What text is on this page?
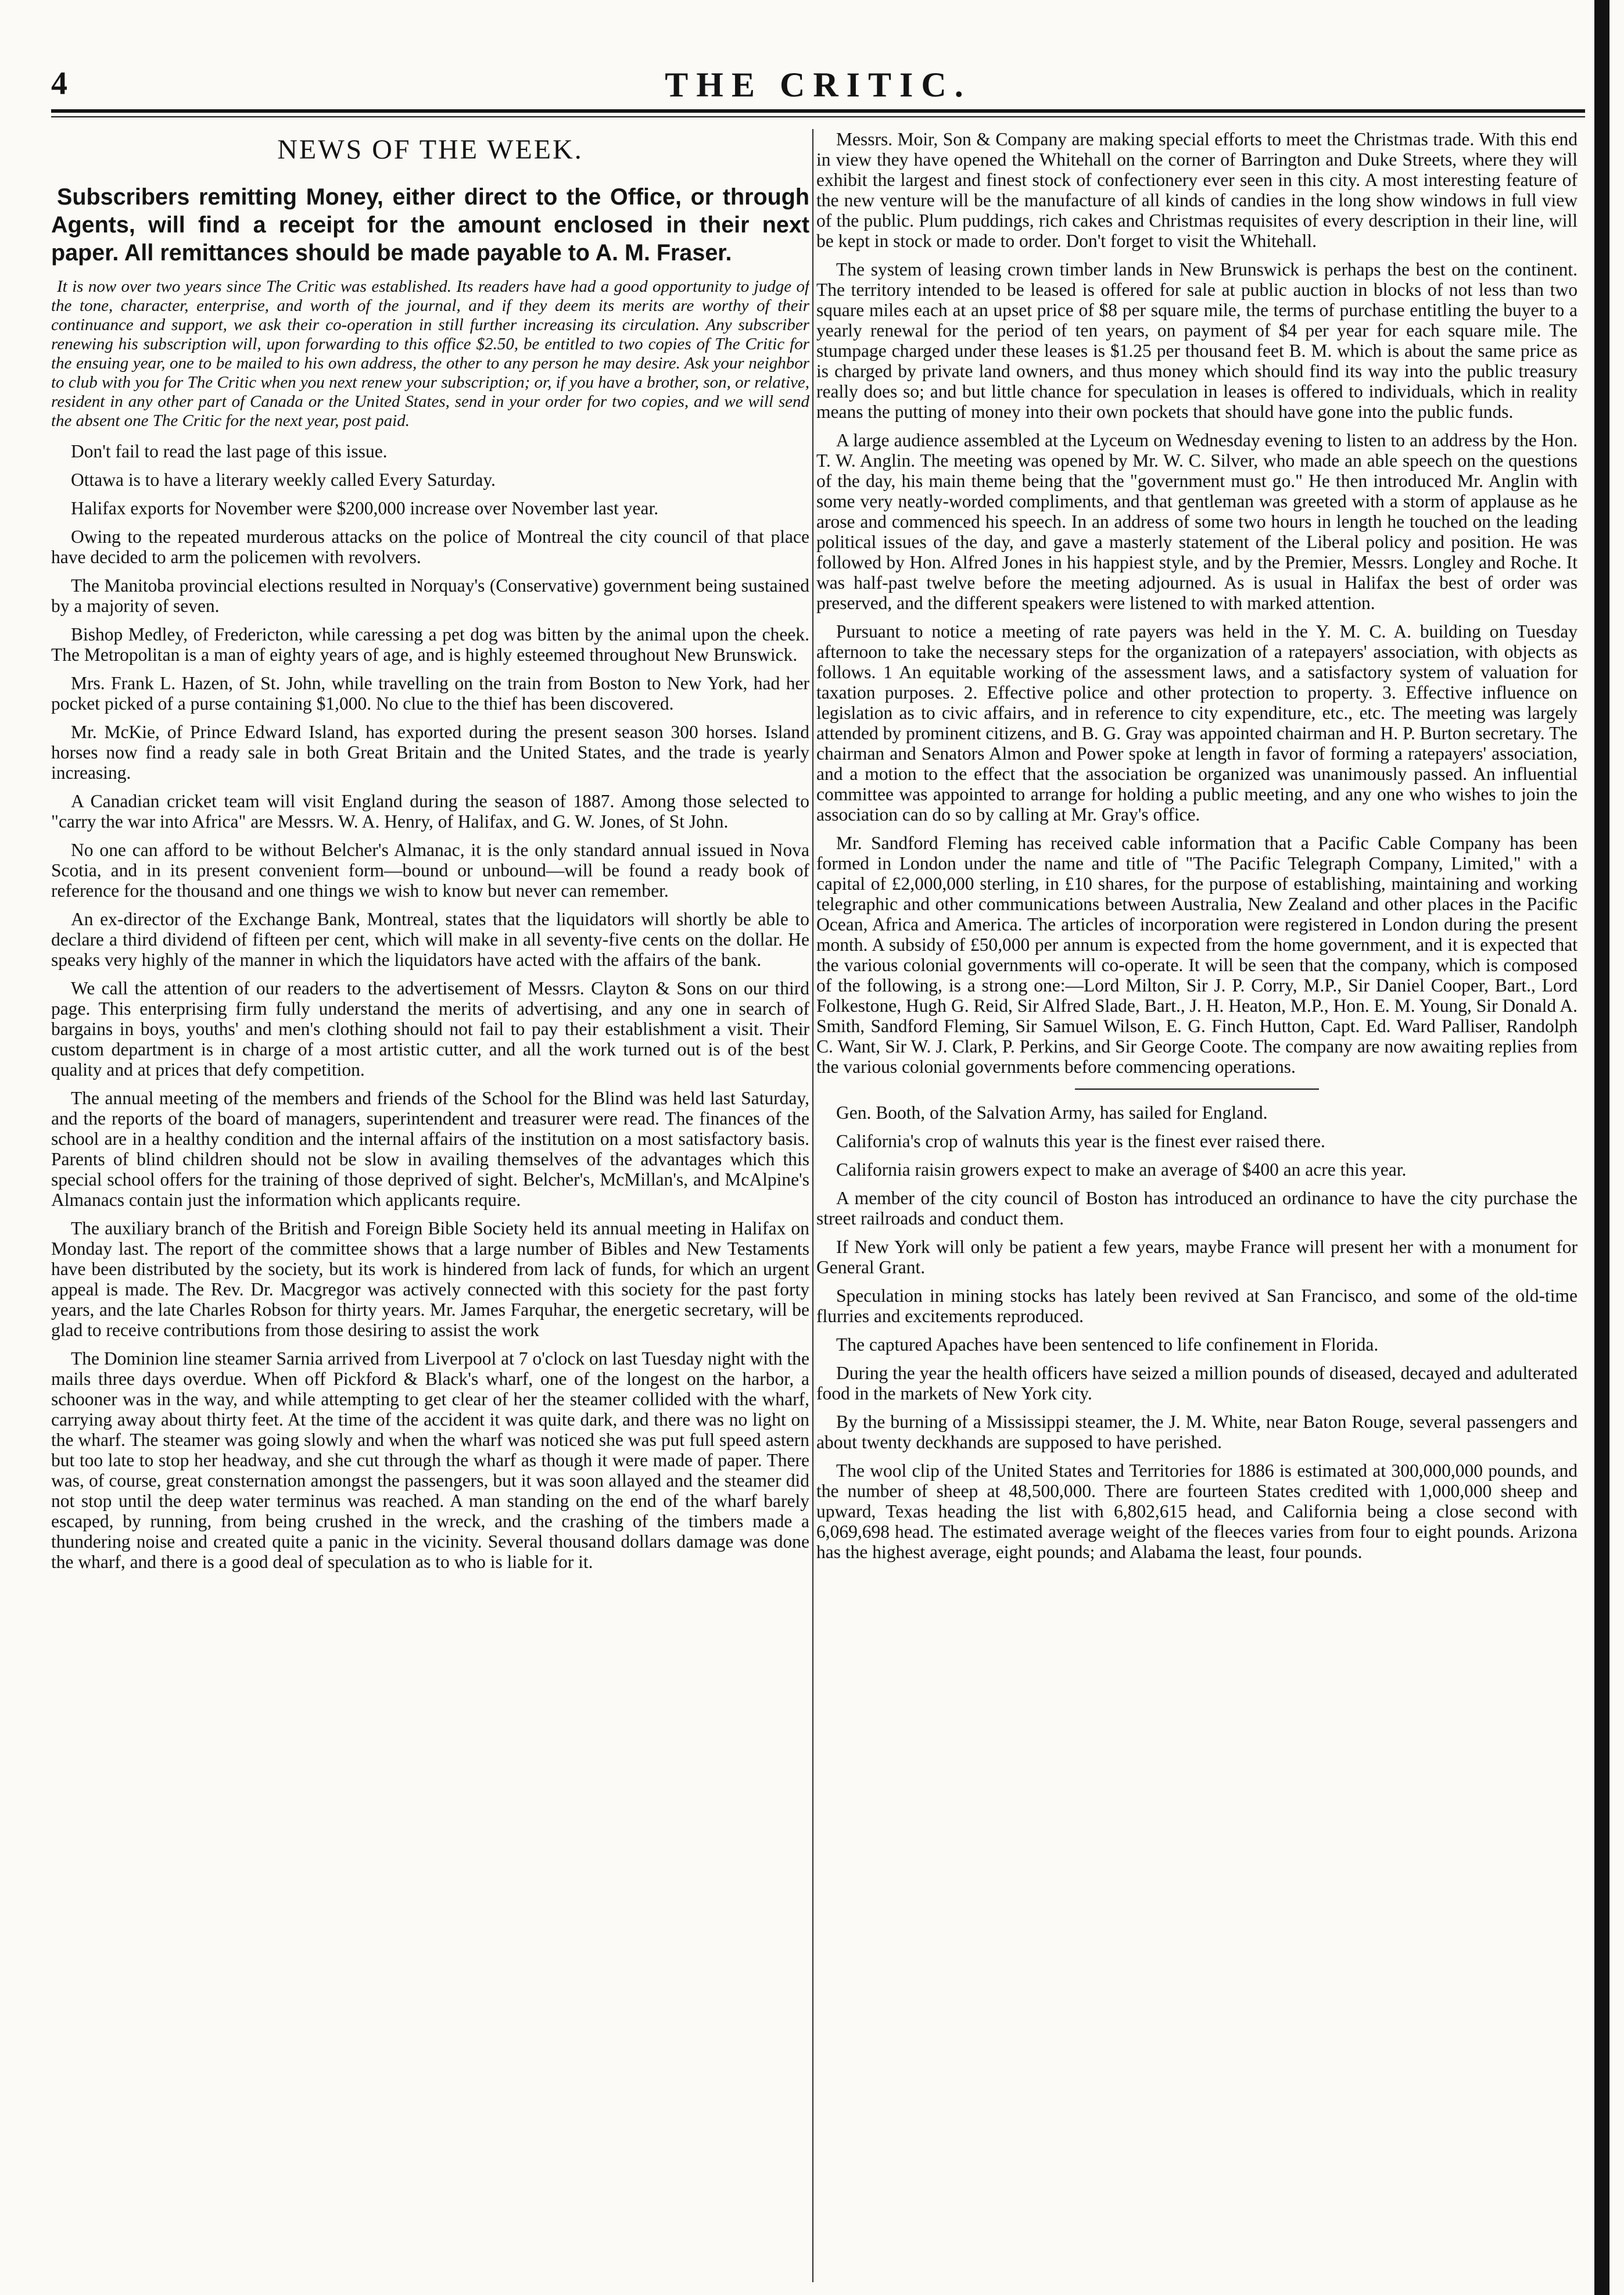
4	THE CRITIC.
NEWS OF THE WEEK.
Subscribers remitting Money, either direct to the Office, or through Agents, will find a receipt for the amount enclosed in their next paper. All remittances should be made payable to A. M. Fraser.
It is now over two years since The Critic was established. Its readers have had a good opportunity to judge of the tone, character, enterprise, and worth of the journal, and if they deem its merits are worthy of their continuance and support, we ask their co-operation in still further increasing its circulation. Any subscriber renewing his subscription will, upon forwarding to this office $2.50, be entitled to two copies of The Critic for the ensuing year, one to be mailed to his own address, the other to any person he may desire. Ask your neighbor to club with you for The Critic when you next renew your subscription; or, if you have a brother, son, or relative, resident in any other part of Canada or the United States, send in your order for two copies, and we will send the absent one The Critic for the next year, post paid.

Don't fail to read the last page of this issue.

Ottawa is to have a literary weekly called Every Saturday.

Halifax exports for November were $200,000 increase over November last year.

Owing to the repeated murderous attacks on the police of Montreal the city council of that place have decided to arm the policemen with revolvers.

The Manitoba provincial elections resulted in Norquay's (Conservative) government being sustained by a majority of seven.

Bishop Medley, of Fredericton, while caressing a pet dog was bitten by the animal upon the cheek. The Metropolitan is a man of eighty years of age, and is highly esteemed throughout New Brunswick.

Mrs. Frank L. Hazen, of St. John, while travelling on the train from Boston to New York, had her pocket picked of a purse containing $1,000. No clue to the thief has been discovered.

Mr. McKie, of Prince Edward Island, has exported during the present season 300 horses. Island horses now find a ready sale in both Great Britain and the United States, and the trade is yearly increasing.

A Canadian cricket team will visit England during the season of 1887. Among those selected to "carry the war into Africa" are Messrs. W. A. Henry, of Halifax, and G. W. Jones, of St John.

No one can afford to be without Belcher's Almanac, it is the only standard annual issued in Nova Scotia, and in its present convenient form—bound or unbound—will be found a ready book of reference for the thousand and one things we wish to know but never can remember.

An ex-director of the Exchange Bank, Montreal, states that the liquidators will shortly be able to declare a third dividend of fifteen per cent, which will make in all seventy-five cents on the dollar. He speaks very highly of the manner in which the liquidators have acted with the affairs of the bank.

We call the attention of our readers to the advertisement of Messrs. Clayton & Sons on our third page. This enterprising firm fully understand the merits of advertising, and any one in search of bargains in boys, youths' and men's clothing should not fail to pay their establishment a visit. Their custom department is in charge of a most artistic cutter, and all the work turned out is of the best quality and at prices that defy competition.

The annual meeting of the members and friends of the School for the Blind was held last Saturday, and the reports of the board of managers, superintendent and treasurer were read. The finances of the school are in a healthy condition and the internal affairs of the institution on a most satisfactory basis. Parents of blind children should not be slow in availing themselves of the advantages which this special school offers for the training of those deprived of sight. Belcher's, McMillan's, and McAlpine's Almanacs contain just the information which applicants require.

The auxiliary branch of the British and Foreign Bible Society held its annual meeting in Halifax on Monday last. The report of the committee shows that a large number of Bibles and New Testaments have been distributed by the society, but its work is hindered from lack of funds, for which an urgent appeal is made. The Rev. Dr. Macgregor was actively connected with this society for the past forty years, and the late Charles Robson for thirty years. Mr. James Farquhar, the energetic secretary, will be glad to receive contributions from those desiring to assist the work

The Dominion line steamer Sarnia arrived from Liverpool at 7 o'clock on last Tuesday night with the mails three days overdue. When off Pickford & Black's wharf, one of the longest on the harbor, a schooner was in the way, and while attempting to get clear of her the steamer collided with the wharf, carrying away about thirty feet. At the time of the accident it was quite dark, and there was no light on the wharf. The steamer was going slowly and when the wharf was noticed she was put full speed astern but too late to stop her headway, and she cut through the wharf as though it were made of paper. There was, of course, great consternation amongst the passengers, but it was soon allayed and the steamer did not stop until the deep water terminus was reached. A man standing on the end of the wharf barely escaped, by running, from being crushed in the wreck, and the crashing of the timbers made a thundering noise and created quite a panic in the vicinity. Several thousand dollars damage was done the wharf, and there is a good deal of speculation as to who is liable for it.

Messrs. Moir, Son & Company are making special efforts to meet the Christmas trade. With this end in view they have opened the Whitehall on the corner of Barrington and Duke Streets, where they will exhibit the largest and finest stock of confectionery ever seen in this city. A most interesting feature of the new venture will be the manufacture of all kinds of candies in the long show windows in full view of the public. Plum puddings, rich cakes and Christmas requisites of every description in their line, will be kept in stock or made to order. Don't forget to visit the Whitehall.

The system of leasing crown timber lands in New Brunswick is perhaps the best on the continent. The territory intended to be leased is offered for sale at public auction in blocks of not less than two square miles each at an upset price of $8 per square mile, the terms of purchase entitling the buyer to a yearly renewal for the period of ten years, on payment of $4 per year for each square mile. The stumpage charged under these leases is $1.25 per thousand feet B. M. which is about the same price as is charged by private land owners, and thus money which should find its way into the public treasury really does so; and but little chance for speculation in leases is offered to individuals, which in reality means the putting of money into their own pockets that should have gone into the public funds.

A large audience assembled at the Lyceum on Wednesday evening to listen to an address by the Hon. T. W. Anglin. The meeting was opened by Mr. W. C. Silver, who made an able speech on the questions of the day, his main theme being that the "government must go." He then introduced Mr. Anglin with some very neatly-worded compliments, and that gentleman was greeted with a storm of applause as he arose and commenced his speech. In an address of some two hours in length he touched on the leading political issues of the day, and gave a masterly statement of the Liberal policy and position. He was followed by Hon. Alfred Jones in his happiest style, and by the Premier, Messrs. Longley and Roche. It was half-past twelve before the meeting adjourned. As is usual in Halifax the best of order was preserved, and the different speakers were listened to with marked attention.

Pursuant to notice a meeting of rate payers was held in the Y. M. C. A. building on Tuesday afternoon to take the necessary steps for the organization of a ratepayers' association, with objects as follows. 1 An equitable working of the assessment laws, and a satisfactory system of valuation for taxation purposes. 2. Effective police and other protection to property. 3. Effective influence on legislation as to civic affairs, and in reference to city expenditure, etc., etc. The meeting was largely attended by prominent citizens, and B. G. Gray was appointed chairman and H. P. Burton secretary. The chairman and Senators Almon and Power spoke at length in favor of forming a ratepayers' association, and a motion to the effect that the association be organized was unanimously passed. An influential committee was appointed to arrange for holding a public meeting, and any one who wishes to join the association can do so by calling at Mr. Gray's office.

Mr. Sandford Fleming has received cable information that a Pacific Cable Company has been formed in London under the name and title of "The Pacific Telegraph Company, Limited," with a capital of £2,000,000 sterling, in £10 shares, for the purpose of establishing, maintaining and working telegraphic and other communications between Australia, New Zealand and other places in the Pacific Ocean, Africa and America. The articles of incorporation were registered in London during the present month. A subsidy of £50,000 per annum is expected from the home government, and it is expected that the various colonial governments will co-operate. It will be seen that the company, which is composed of the following, is a strong one:—Lord Milton, Sir J. P. Corry, M.P., Sir Daniel Cooper, Bart., Lord Folkestone, Hugh G. Reid, Sir Alfred Slade, Bart., J. H. Heaton, M.P., Hon. E. M. Young, Sir Donald A. Smith, Sandford Fleming, Sir Samuel Wilson, E. G. Finch Hutton, Capt. Ed. Ward Palliser, Randolph C. Want, Sir W. J. Clark, P. Perkins, and Sir George Coote. The company are now awaiting replies from the various colonial governments before commencing operations.

Gen. Booth, of the Salvation Army, has sailed for England.

California's crop of walnuts this year is the finest ever raised there.

California raisin growers expect to make an average of $400 an acre this year.

A member of the city council of Boston has introduced an ordinance to have the city purchase the street railroads and conduct them.

If New York will only be patient a few years, maybe France will present her with a monument for General Grant.

Speculation in mining stocks has lately been revived at San Francisco, and some of the old-time flurries and excitements reproduced.

The captured Apaches have been sentenced to life confinement in Florida.

During the year the health officers have seized a million pounds of diseased, decayed and adulterated food in the markets of New York city.

By the burning of a Mississippi steamer, the J. M. White, near Baton Rouge, several passengers and about twenty deckhands are supposed to have perished.

The wool clip of the United States and Territories for 1886 is estimated at 300,000,000 pounds, and the number of sheep at 48,500,000. There are fourteen States credited with 1,000,000 sheep and upward, Texas heading the list with 6,802,615 head, and California being a close second with 6,069,698 head. The estimated average weight of the fleeces varies from four to eight pounds. Arizona has the highest average, eight pounds; and Alabama the least, four pounds.
